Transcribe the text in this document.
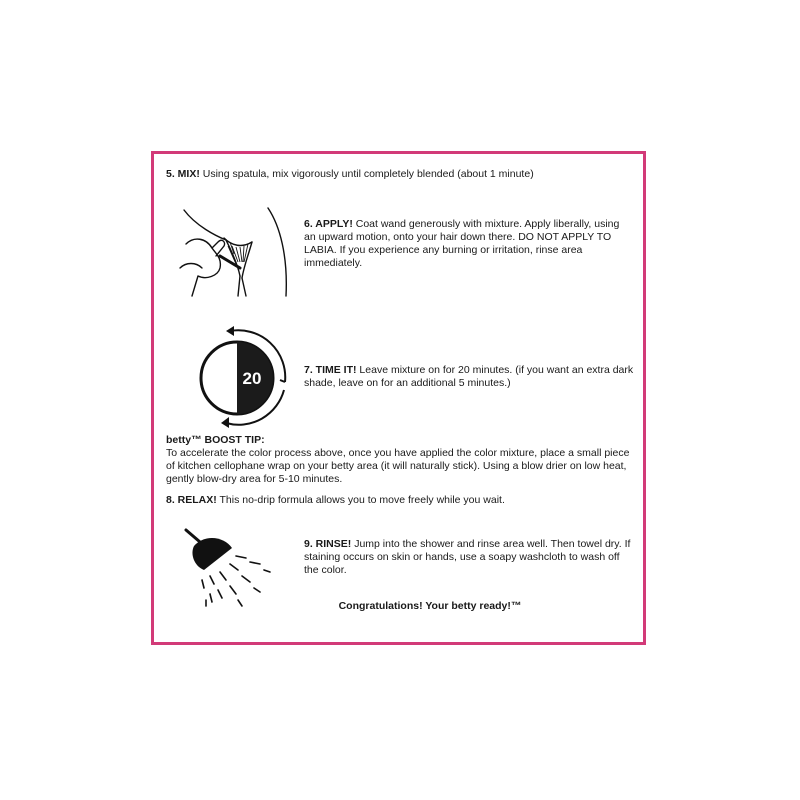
5. MIX! Using spatula, mix vigorously until completely blended (about 1 minute)
6. APPLY! Coat wand generously with mixture. Apply liberally, using an upward motion, onto your hair down there. DO NOT APPLY TO LABIA. If you experience any burning or irritation, rinse area immediately.
20	7. TIME IT! Leave mixture on for 20 minutes. (if you want an extra dark shade, leave on for an additional 5 minutes.)
betty™ BOOST TIP:
To accelerate the color process above, once you have applied the color mixture, place a small piece of kitchen cellophane wrap on your betty area (it will naturally stick). Using a blow drier on low heat, gently blow-dry area for 5-10 minutes.
8. RELAX! This no-drip formula allows you to move freely while you wait.
9. RINSE! Jump into the shower and rinse area well. Then towel dry. If staining occurs on skin or hands, use a soapy washcloth to wash off the color.
Congratulations! Your betty ready!™
